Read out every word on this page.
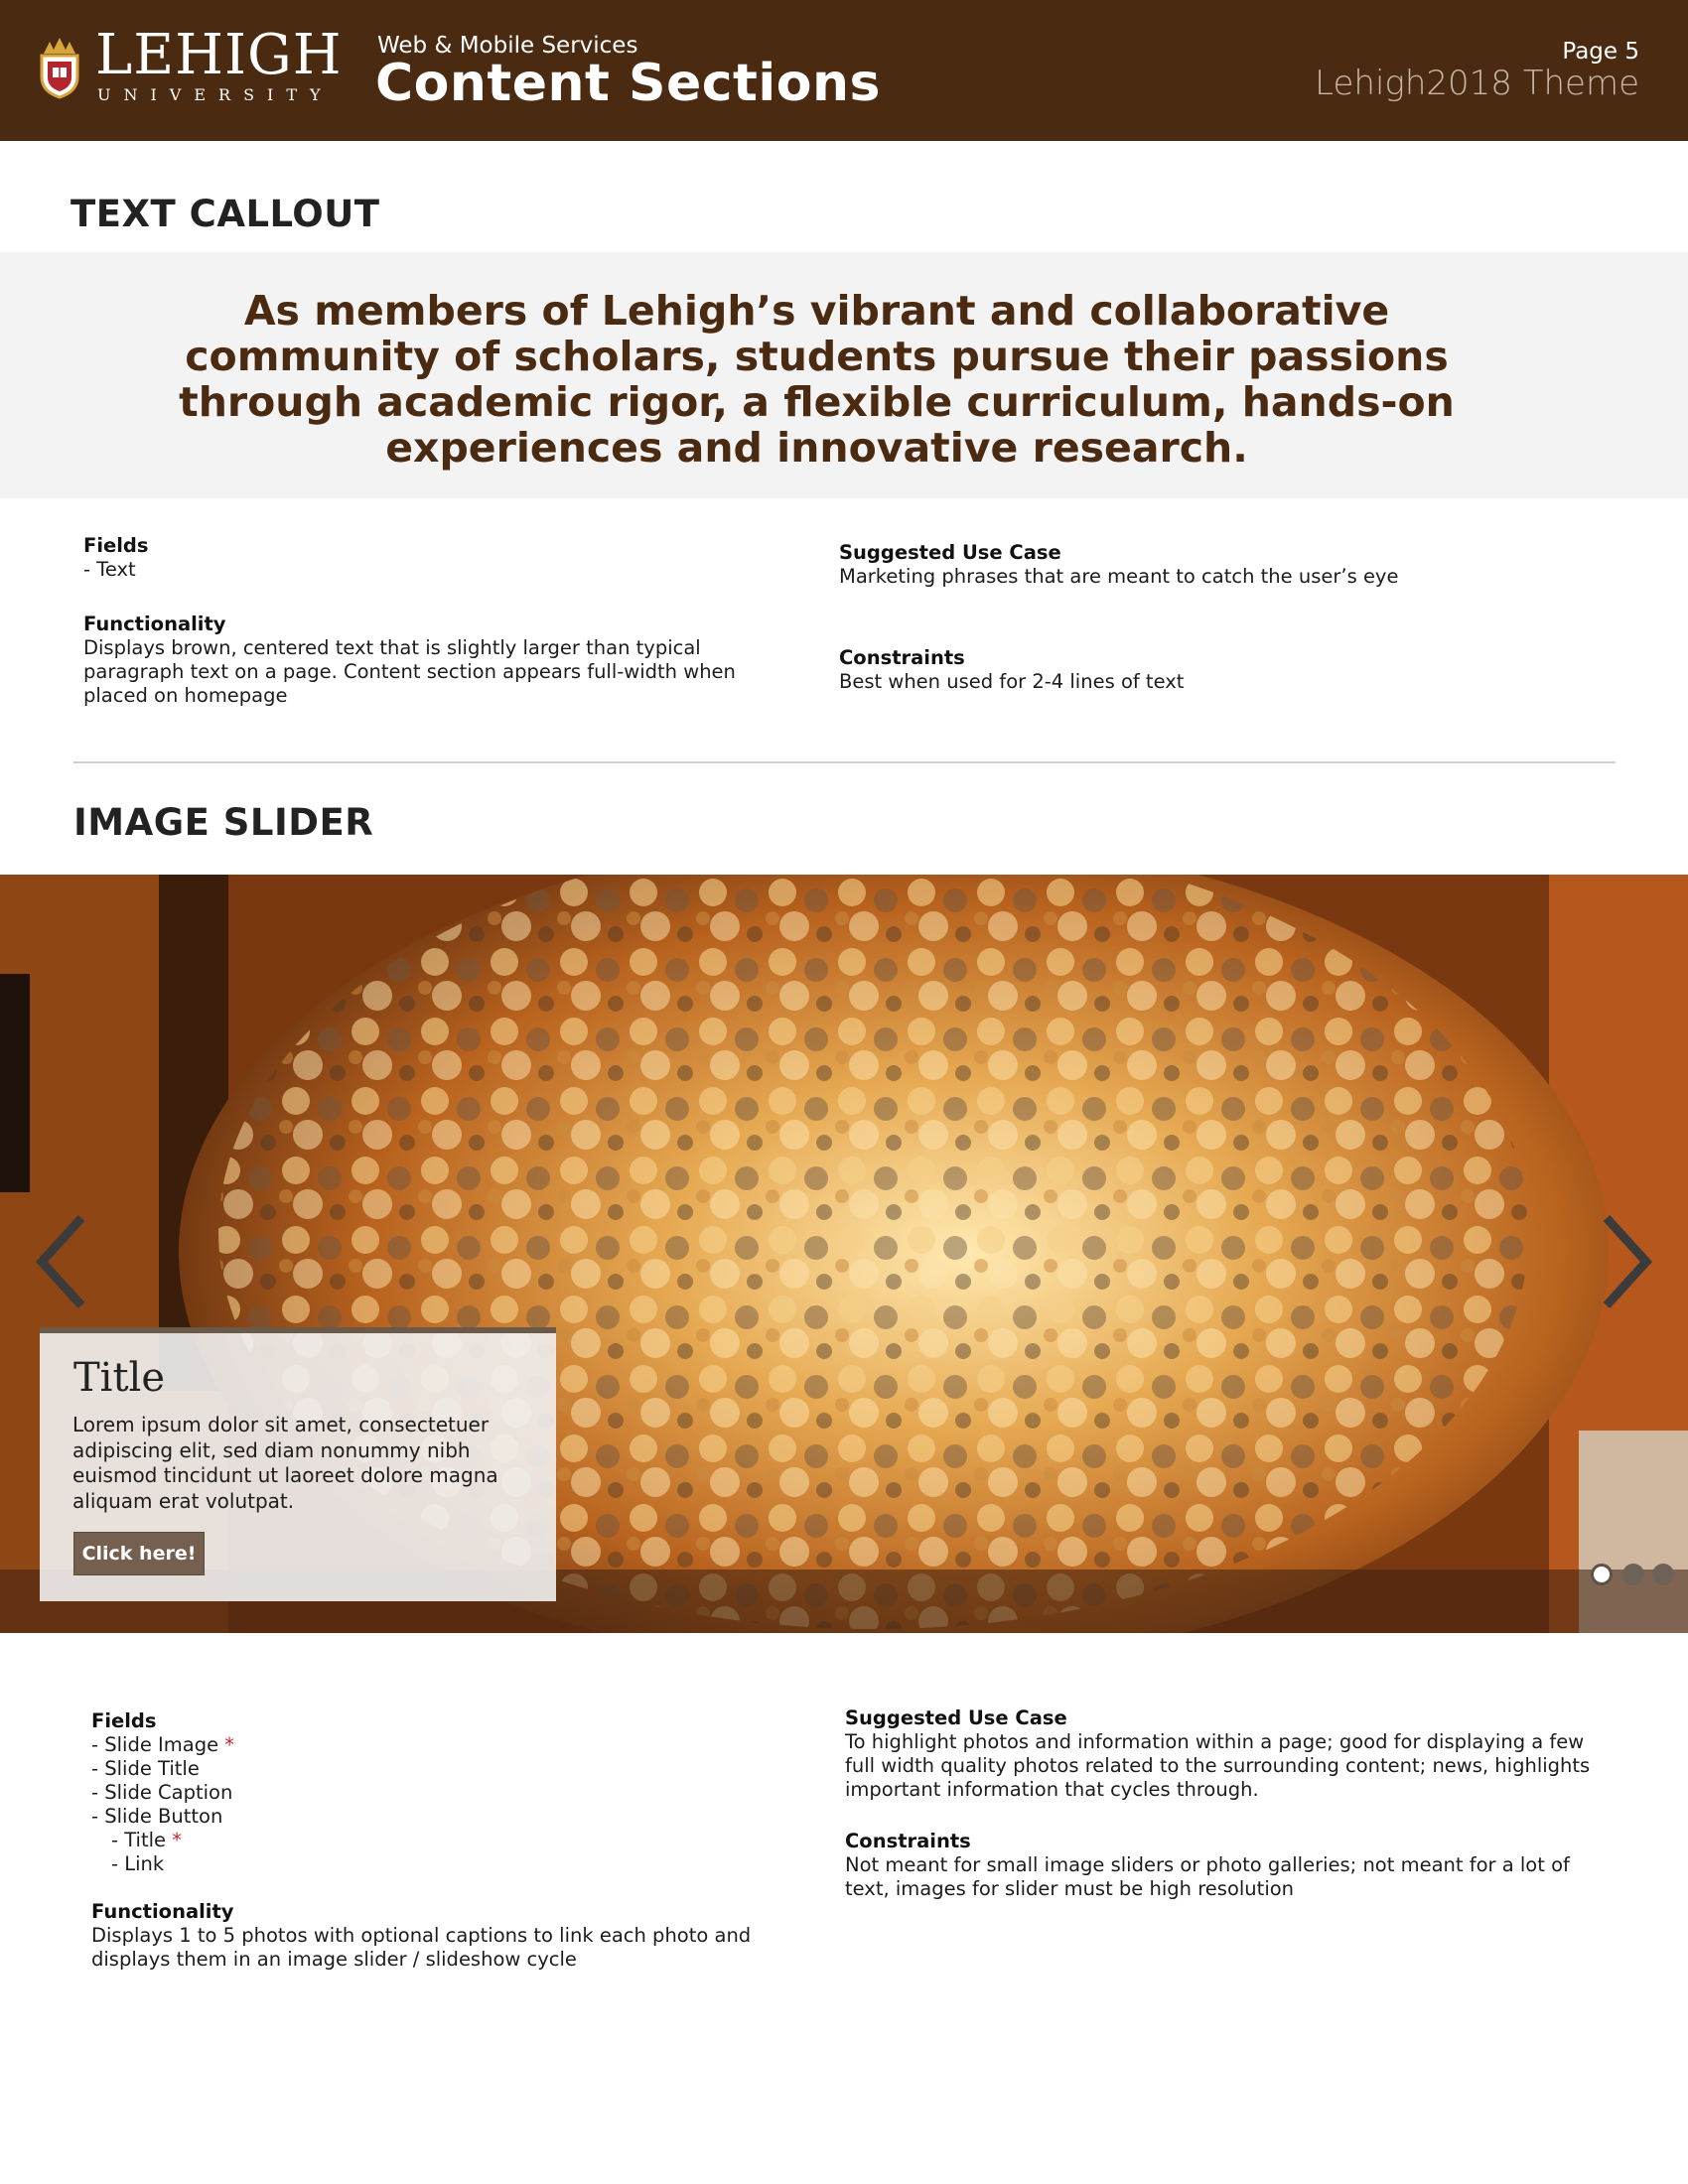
LEHIGH
UNIVERSITY
Web & Mobile Services
Content Sections
Page 5
Lehigh2018 Theme
TEXT CALLOUT
As members of Lehigh’s vibrant and collaborative community of scholars, students pursue their passions through academic rigor, a flexible curriculum, hands-on experiences and innovative research.
Fields
- Text
Functionality
Displays brown, centered text that is slightly larger than typical paragraph text on a page. Content section appears full-width when placed on homepage
Suggested Use Case
Marketing phrases that are meant to catch the user’s eye
Constraints
Best when used for 2-4 lines of text
IMAGE SLIDER
Title
Lorem ipsum dolor sit amet, consectetuer adipiscing elit, sed diam nonummy nibh euismod tincidunt ut laoreet dolore magna aliquam erat volutpat.
Click here!
Fields
- Slide Image *
- Slide Title
- Slide Caption
- Slide Button
- Title *
- Link
Functionality
Displays 1 to 5 photos with optional captions to link each photo and displays them in an image slider / slideshow cycle
Suggested Use Case
To highlight photos and information within a page; good for displaying a few full width quality photos related to the surrounding content; news, highlights important information that cycles through.
Constraints
Not meant for small image sliders or photo galleries; not meant for a lot of text, images for slider must be high resolution
